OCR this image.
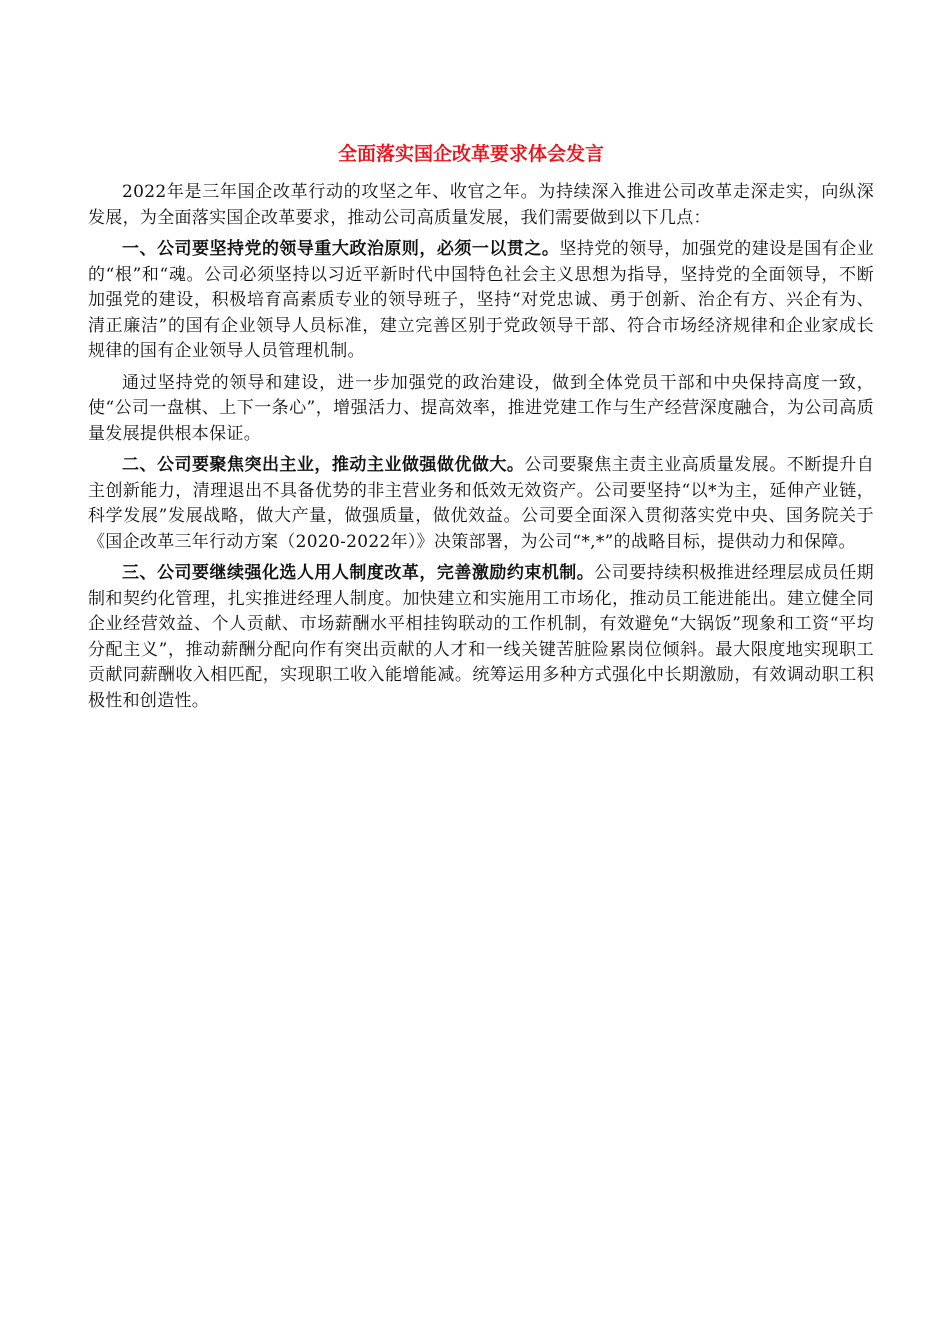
全面落实国企改革要求体会发言

2022年是三年国企改革行动的攻坚之年、收官之年。为持续深入推进公司改革走深走实，向纵深发展，为全面落实国企改革要求，推动公司高质量发展，我们需要做到以下几点：

一、公司要坚持党的领导重大政治原则，必须一以贯之。坚持党的领导，加强党的建设是国有企业的“根”和“魂。公司必须坚持以习近平新时代中国特色社会主义思想为指导，坚持党的全面领导，不断加强党的建设，积极培育高素质专业的领导班子，坚持“对党忠诚、勇于创新、治企有方、兴企有为、清正廉洁”的国有企业领导人员标准，建立完善区别于党政领导干部、符合市场经济规律和企业家成长规律的国有企业领导人员管理机制。

通过坚持党的领导和建设，进一步加强党的政治建设，做到全体党员干部和中央保持高度一致，使“公司一盘棋、上下一条心”，增强活力、提高效率，推进党建工作与生产经营深度融合，为公司高质量发展提供根本保证。

二、公司要聚焦突出主业，推动主业做强做优做大。公司要聚焦主责主业高质量发展。不断提升自主创新能力，清理退出不具备优势的非主营业务和低效无效资产。公司要坚持“以*为主，延伸产业链，科学发展”发展战略，做大产量，做强质量，做优效益。公司要全面深入贯彻落实党中央、国务院关于《国企改革三年行动方案（2020-2022年）》决策部署，为公司“*,*”的战略目标，提供动力和保障。

三、公司要继续强化选人用人制度改革，完善激励约束机制。公司要持续积极推进经理层成员任期制和契约化管理，扎实推进经理人制度。加快建立和实施用工市场化，推动员工能进能出。建立健全同企业经营效益、个人贡献、市场薪酬水平相挂钩联动的工作机制，有效避免“大锅饭”现象和工资“平均分配主义”，推动薪酬分配向作有突出贡献的人才和一线关键苦脏险累岗位倾斜。最大限度地实现职工贡献同薪酬收入相匹配，实现职工收入能增能减。统筹运用多种方式强化中长期激励，有效调动职工积极性和创造性。
